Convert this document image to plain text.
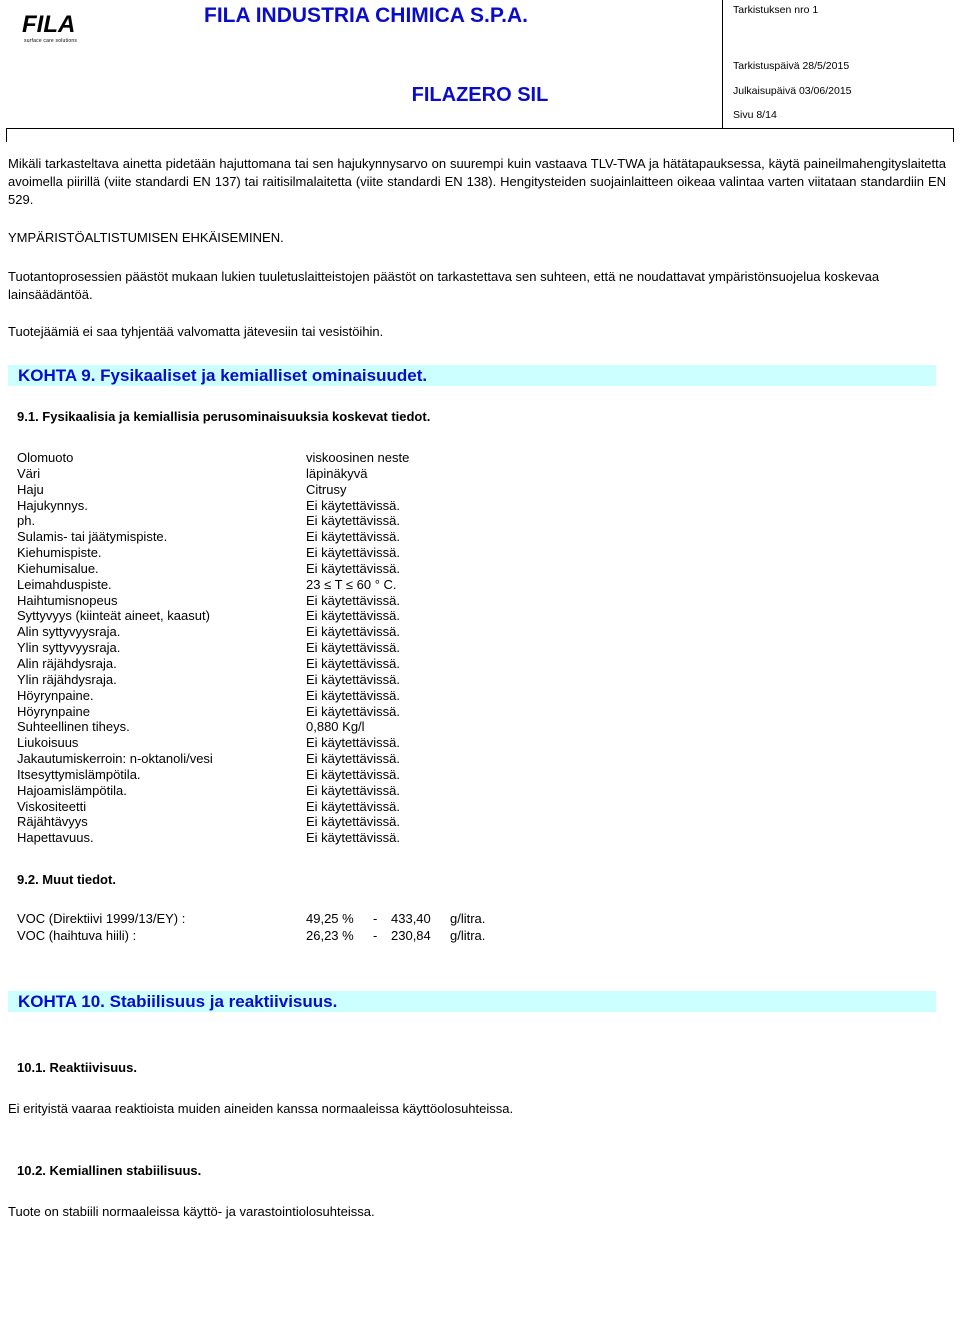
FILA
surface care solutions
FILA INDUSTRIA CHIMICA S.P.A.	Tarkistuksen nro 1
Tarkistuspäivä 28/5/2015
Julkaisupäivä 03/06/2015
Sivu 8/14
FILAZERO SIL
Mikäli tarkasteltava ainetta pidetään hajuttomana tai sen hajukynnysarvo on suurempi kuin vastaava TLV-TWA ja hätätapauksessa, käytä paineilmahengityslaitetta avoimella piirillä (viite standardi EN 137) tai raitisilmalaitetta (viite standardi EN 138). Hengitysteiden suojainlaitteen oikeaa valintaa varten viitataan standardiin EN 529.
YMPÄRISTÖALTISTUMISEN EHKÄISEMINEN.
Tuotantoprosessien päästöt mukaan lukien tuuletuslaitteistojen päästöt on tarkastettava sen suhteen, että ne noudattavat ympäristönsuojelua koskevaa lainsäädäntöä.
Tuotejäämiä ei saa tyhjentää valvomatta jätevesiin tai vesistöihin.
KOHTA 9. Fysikaaliset ja kemialliset ominaisuudet.
9.1. Fysikaalisia ja kemiallisia perusominaisuuksia koskevat tiedot.
Olomuoto	viskoosinen neste
Väri	läpinäkyvä
Haju	Citrusy
Hajukynnys.	Ei käytettävissä.
ph.	Ei käytettävissä.
Sulamis- tai jäätymispiste.	Ei käytettävissä.
Kiehumispiste.	Ei käytettävissä.
Kiehumisalue.	Ei käytettävissä.
Leimahduspiste.	23 ≤ T ≤ 60 ° C.
Haihtumisnopeus	Ei käytettävissä.
Syttyvyys (kiinteät aineet, kaasut)	Ei käytettävissä.
Alin syttyvyysraja.	Ei käytettävissä.
Ylin syttyvyysraja.	Ei käytettävissä.
Alin räjähdysraja.	Ei käytettävissä.
Ylin räjähdysraja.	Ei käytettävissä.
Höyrynpaine.	Ei käytettävissä.
Höyrynpaine	Ei käytettävissä.
Suhteellinen tiheys.	0,880 Kg/l
Liukoisuus	Ei käytettävissä.
Jakautumiskerroin: n-oktanoli/vesi	Ei käytettävissä.
Itsesyttymislämpötila.	Ei käytettävissä.
Hajoamislämpötila.	Ei käytettävissä.
Viskositeetti	Ei käytettävissä.
Räjähtävyys	Ei käytettävissä.
Hapettavuus.	Ei käytettävissä.
9.2. Muut tiedot.
VOC (Direktiivi 1999/13/EY) :	49,25 % - 433,40 g/litra.
VOC (haihtuva hiili) :	26,23 % - 230,84 g/litra.
KOHTA 10. Stabiilisuus ja reaktiivisuus.
10.1. Reaktiivisuus.
Ei erityistä vaaraa reaktioista muiden aineiden kanssa normaaleissa käyttöolosuhteissa.
10.2. Kemiallinen stabiilisuus.
Tuote on stabiili normaaleissa käyttö- ja varastointiolosuhteissa.
